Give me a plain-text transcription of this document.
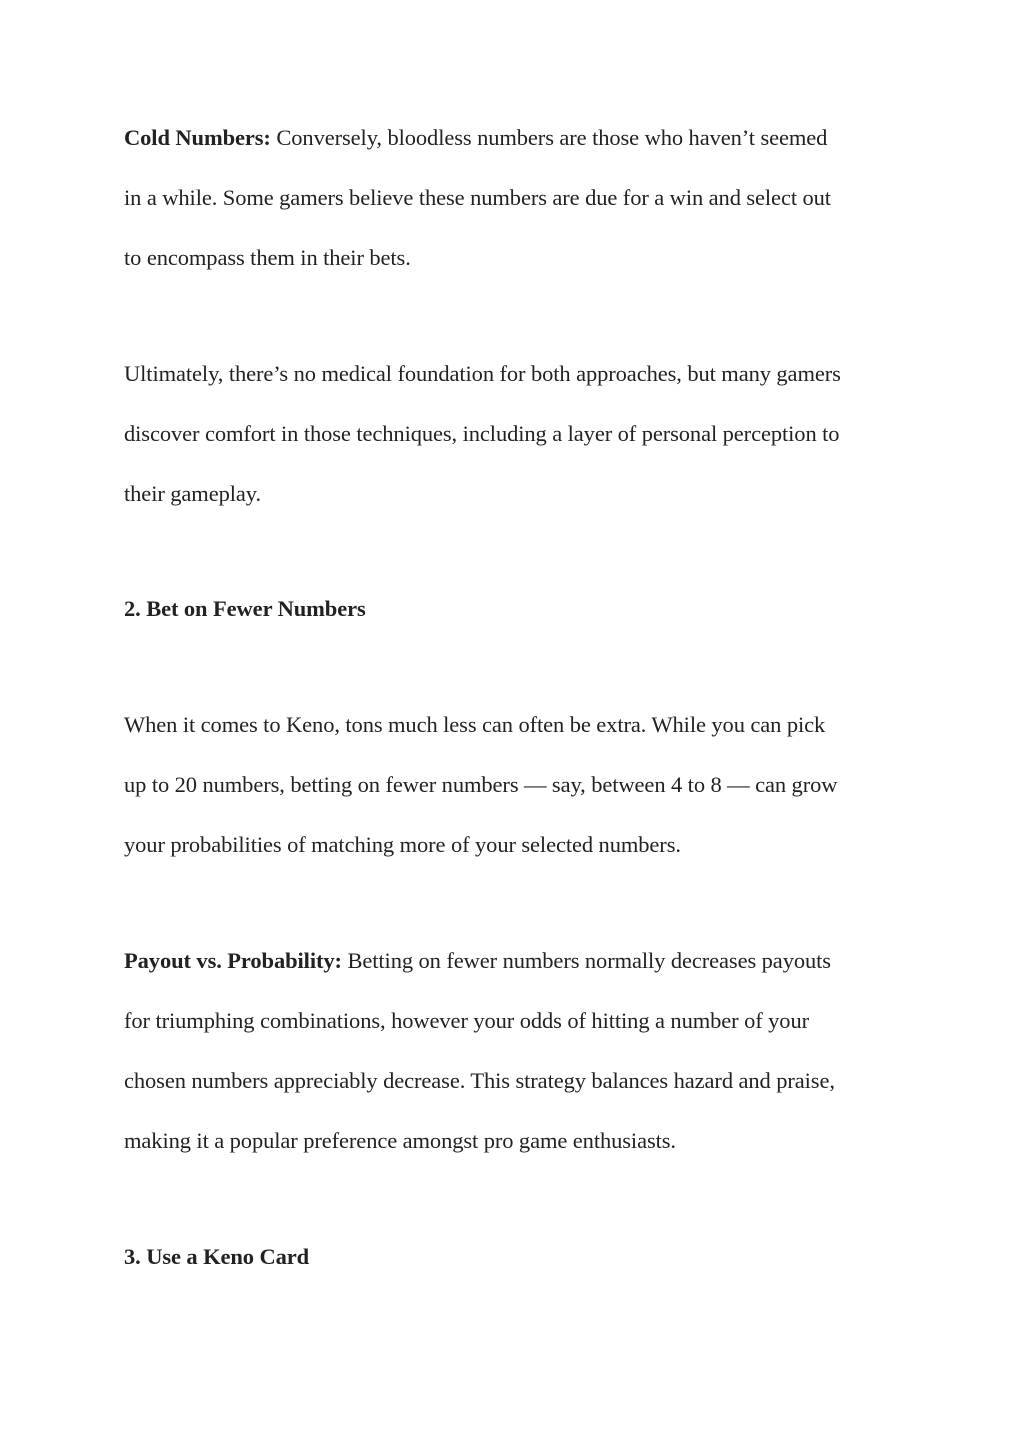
Cold Numbers: Conversely, bloodless numbers are those who haven’t seemed
in a while. Some gamers believe these numbers are due for a win and select out
to encompass them in their bets.
Ultimately, there’s no medical foundation for both approaches, but many gamers
discover comfort in those techniques, including a layer of personal perception to
their gameplay.
2. Bet on Fewer Numbers
When it comes to Keno, tons much less can often be extra. While you can pick
up to 20 numbers, betting on fewer numbers — say, between 4 to 8 — can grow
your probabilities of matching more of your selected numbers.
Payout vs. Probability: Betting on fewer numbers normally decreases payouts
for triumphing combinations, however your odds of hitting a number of your
chosen numbers appreciably decrease. This strategy balances hazard and praise,
making it a popular preference amongst pro game enthusiasts.
3. Use a Keno Card
